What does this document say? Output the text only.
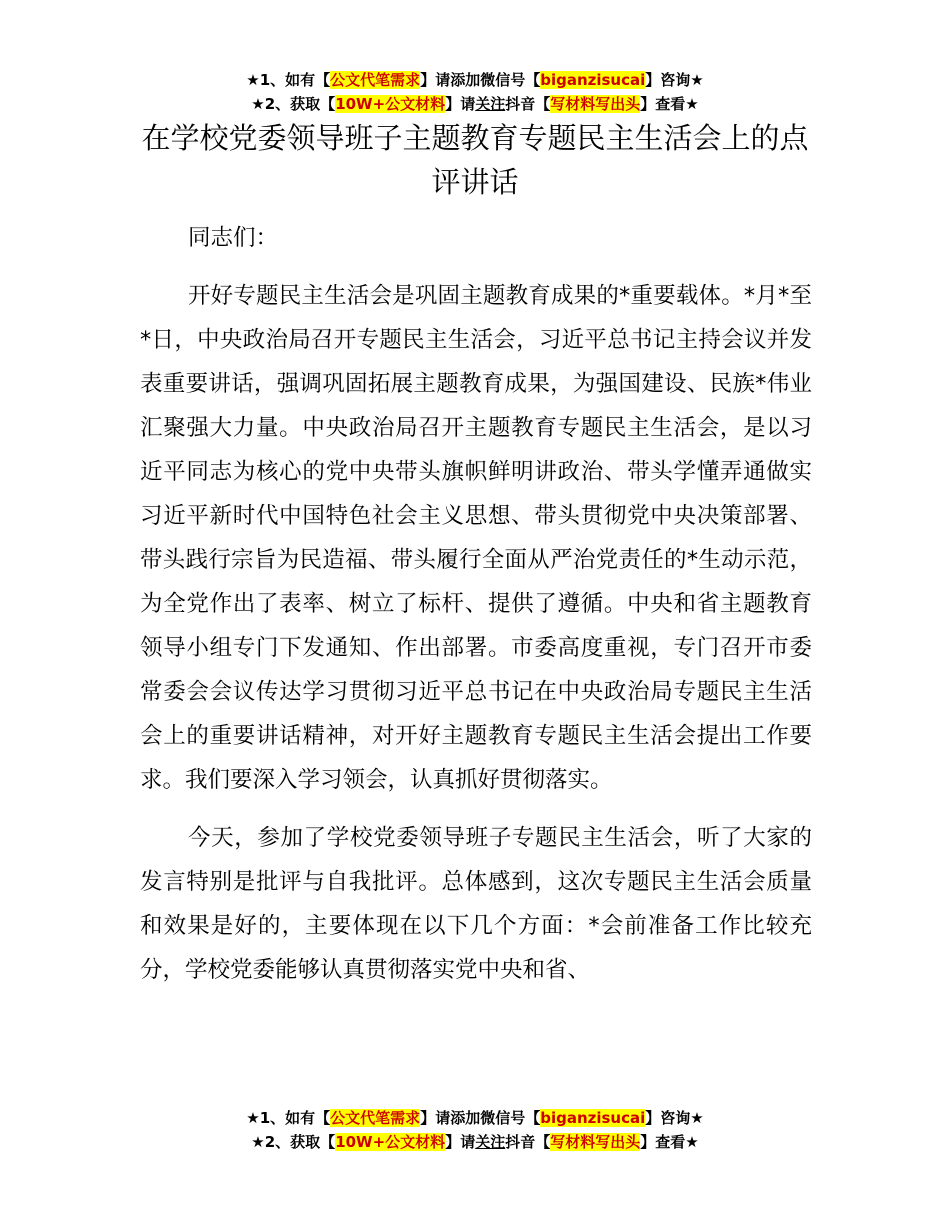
★1、如有【公文代笔需求】请添加微信号【biganzisucai】咨询★
★2、获取【10W+公文材料】请关注抖音【写材料写出头】查看★
在学校党委领导班子主题教育专题民主生活会上的点评讲话

同志们：

开好专题民主生活会是巩固主题教育成果的*重要载体。*月*至*日，中央政治局召开专题民主生活会，习近平总书记主持会议并发表重要讲话，强调巩固拓展主题教育成果，为强国建设、民族*伟业汇聚强大力量。中央政治局召开主题教育专题民主生活会，是以习近平同志为核心的党中央带头旗帜鲜明讲政治、带头学懂弄通做实习近平新时代中国特色社会主义思想、带头贯彻党中央决策部署、带头践行宗旨为民造福、带头履行全面从严治党责任的*生动示范，为全党作出了表率、树立了标杆、提供了遵循。中央和省主题教育领导小组专门下发通知、作出部署。市委高度重视，专门召开市委常委会会议传达学习贯彻习近平总书记在中央政治局专题民主生活会上的重要讲话精神，对开好主题教育专题民主生活会提出工作要求。我们要深入学习领会，认真抓好贯彻落实。

今天，参加了学校党委领导班子专题民主生活会，听了大家的发言特别是批评与自我批评。总体感到，这次专题民主生活会质量和效果是好的，主要体现在以下几个方面：*会前准备工作比较充分，学校党委能够认真贯彻落实党中央和省、

★1、如有【公文代笔需求】请添加微信号【biganzisucai】咨询★
★2、获取【10W+公文材料】请关注抖音【写材料写出头】查看★
